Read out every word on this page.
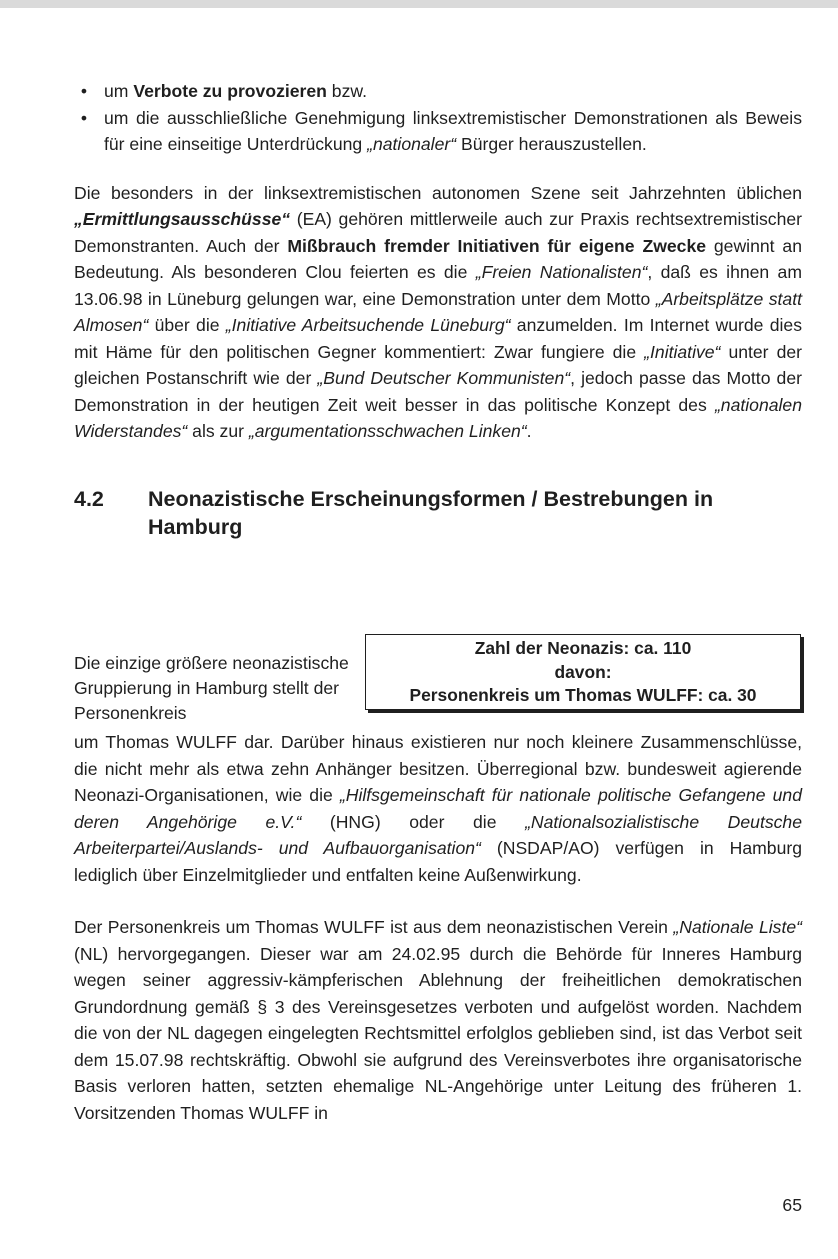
• um Verbote zu provozieren bzw.
• um die ausschließliche Genehmigung linksextremistischer Demonstrationen als Beweis für eine einseitige Unterdrückung „nationaler“ Bürger herauszustellen.

Die besonders in der linksextremistischen autonomen Szene seit Jahrzehnten üblichen „Ermittlungsausschüsse“ (EA) gehören mittlerweile auch zur Praxis rechtsextremistischer Demonstranten. Auch der Mißbrauch fremder Initiativen für eigene Zwecke gewinnt an Bedeutung. Als besonderen Clou feierten es die „Freien Nationalisten“, daß es ihnen am 13.06.98 in Lüneburg gelungen war, eine Demonstration unter dem Motto „Arbeitsplätze statt Almosen“ über die „Initiative Arbeitsuchende Lüneburg“ anzumelden. Im Internet wurde dies mit Häme für den politischen Gegner kommentiert: Zwar fungiere die „Initiative“ unter der gleichen Postanschrift wie der „Bund Deutscher Kommunisten“, jedoch passe das Motto der Demonstration in der heutigen Zeit weit besser in das politische Konzept des „nationalen Widerstandes“ als zur „argumentationsschwachen Linken“.

4.2	Neonazistische Erscheinungsformen / Bestrebungen in Hamburg
Zahl der Neonazis: ca. 110
davon:
Personenkreis um Thomas WULFF: ca. 30
Die einzige größere neonazistische Gruppierung in Hamburg stellt der Personenkreis

um Thomas WULFF dar. Darüber hinaus existieren nur noch kleinere Zusammenschlüsse, die nicht mehr als etwa zehn Anhänger besitzen. Überregional bzw. bundesweit agierende Neonazi-Organisationen, wie die „Hilfsgemeinschaft für nationale politische Gefangene und deren Angehörige e.V.“ (HNG) oder die „Nationalsozialistische Deutsche Arbeiterpartei/Auslands- und Aufbauorganisation“ (NSDAP/AO) verfügen in Hamburg lediglich über Einzelmitglieder und entfalten keine Außenwirkung.

Der Personenkreis um Thomas WULFF ist aus dem neonazistischen Verein „Nationale Liste“ (NL) hervorgegangen. Dieser war am 24.02.95 durch die Behörde für Inneres Hamburg wegen seiner aggressiv-kämpferischen Ablehnung der freiheitlichen demokratischen Grundordnung gemäß § 3 des Vereinsgesetzes verboten und aufgelöst worden. Nachdem die von der NL dagegen eingelegten Rechtsmittel erfolglos geblieben sind, ist das Verbot seit dem 15.07.98 rechtskräftig. Obwohl sie aufgrund des Vereinsverbotes ihre organisatorische Basis verloren hatten, setzten ehemalige NL-Angehörige unter Leitung des früheren 1. Vorsitzenden Thomas WULFF in

65
